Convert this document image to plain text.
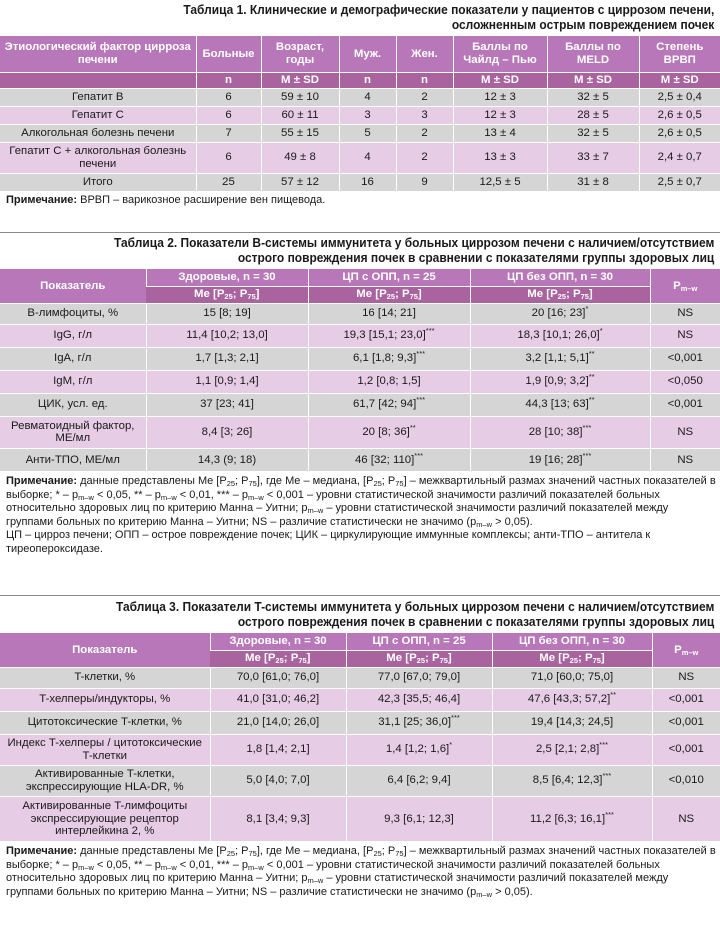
Таблица 1. Клинические и демографические показатели у пациентов с циррозом печени,
осложненным острым повреждением почек
Этиологический фактор цирроза печени	Больные	Возраст, годы	Муж.	Жен.	Баллы по Чайлд – Пью	Баллы по MELD	Степень ВРВП
	n	M ± SD	n	n	M ± SD	M ± SD	M ± SD
Гепатит B	6	59 ± 10	4	2	12 ± 3	32 ± 5	2,5 ± 0,4
Гепатит C	6	60 ± 11	3	3	12 ± 3	28 ± 5	2,6 ± 0,5
Алкогольная болезнь печени	7	55 ± 15	5	2	13 ± 4	32 ± 5	2,6 ± 0,5
Гепатит C + алкогольная болезнь печени	6	49 ± 8	4	2	13 ± 3	33 ± 7	2,4 ± 0,7
Итого	25	57 ± 12	16	9	12,5 ± 5	31 ± 8	2,5 ± 0,7
Примечание: ВРВП – варикозное расширение вен пищевода.
Таблица 2. Показатели B-системы иммунитета у больных циррозом печени с наличием/отсутствием
острого повреждения почек в сравнении с показателями группы здоровых лиц
Показатель	Здоровые, n = 30	ЦП с ОПП, n = 25	ЦП без ОПП, n = 30	$P_{m-w}$
	Me [$P_{25}$; $P_{75}$]	Me [$P_{25}$; $P_{75}$]	Me [$P_{25}$; $P_{75}$]	
B-лимфоциты, %	15 [8; 19]	16 [14; 21]	20 [16; 23]*	NS
IgG, г/л	11,4 [10,2; 13,0]	19,3 [15,1; 23,0]***	18,3 [10,1; 26,0]*	NS
IgA, г/л	1,7 [1,3; 2,1]	6,1 [1,8; 9,3]***	3,2 [1,1; 5,1]**	<0,001
IgM, г/л	1,1 [0,9; 1,4]	1,2 [0,8; 1,5]	1,9 [0,9; 3,2]**	<0,050
ЦИК, усл. ед.	37 [23; 41]	61,7 [42; 94]***	44,3 [13; 63]**	<0,001
Ревматоидный фактор, МЕ/мл	8,4 [3; 26]	20 [8; 36]**	28 [10; 38]***	NS
Анти-ТПО, МЕ/мл	14,3 (9; 18)	46 [32; 110]***	19 [16; 28]***	NS
Примечание: данные представлены Me [$P_{25}$; $P_{75}$], где Me – медиана, [$P_{25}$; $P_{75}$] – межквартильный размах значений частных показателей в выборке; * – $p_{m-w} < 0,05$, ** – $p_{m-w} < 0,01$, *** – $p_{m-w} < 0,001$ – уровни статистической значимости различий показателей больных относительно здоровых лиц по критерию Манна – Уитни; $p_{m-w}$ – уровни статистической значимости различий показателей между группами больных по критерию Манна – Уитни; NS – различие статистически не значимо $(p_{m-w} > 0,05)$.
ЦП – цирроз печени; ОПП – острое повреждение почек; ЦИК – циркулирующие иммунные комплексы; анти-ТПО – антитела к тиреопероксидазе.
Таблица 3. Показатели T-системы иммунитета у больных циррозом печени с наличием/отсутствием
острого повреждения почек в сравнении с показателями группы здоровых лиц
Показатель	Здоровые, n = 30	ЦП с ОПП, n = 25	ЦП без ОПП, n = 30	$P_{m-w}$
	Me [$P_{25}$; $P_{75}$]	Me [$P_{25}$; $P_{75}$]	Me [$P_{25}$; $P_{75}$]	
T-клетки, %	70,0 [61,0; 76,0]	77,0 [67,0; 79,0]	71,0 [60,0; 75,0]	NS
T-хелперы/индукторы, %	41,0 [31,0; 46,2]	42,3 [35,5; 46,4]	47,6 [43,3; 57,2]**	<0,001
Цитотоксические T-клетки, %	21,0 [14,0; 26,0]	31,1 [25; 36,0]***	19,4 [14,3; 24,5]	<0,001
Индекс T-хелперы / цитотоксические T-клетки	1,8 [1,4; 2,1]	1,4 [1,2; 1,6]*	2,5 [2,1; 2,8]***	<0,001
Активированные T-клетки, экспрессирующие HLA-DR, %	5,0 [4,0; 7,0]	6,4 [6,2; 9,4]	8,5 [6,4; 12,3]***	<0,010
Активированные T-лимфоциты экспрессирующие рецептор интерлейкина 2, %	8,1 [3,4; 9,3]	9,3 [6,1; 12,3]	11,2 [6,3; 16,1]***	NS
Примечание: данные представлены Me [$P_{25}$; $P_{75}$], где Me – медиана, [$P_{25}$; $P_{75}$] – межквартильный размах значений частных показателей в выборке; * – $p_{m-w} < 0,05$, ** – $p_{m-w} < 0,01$, *** – $p_{m-w} < 0,001$ – уровни статистической значимости различий показателей больных относительно здоровых лиц по критерию Манна – Уитни; $p_{m-w}$ – уровни статистической значимости различий показателей между группами больных по критерию Манна – Уитни; NS – различие статистически не значимо $(p_{m-w} > 0,05)$.
